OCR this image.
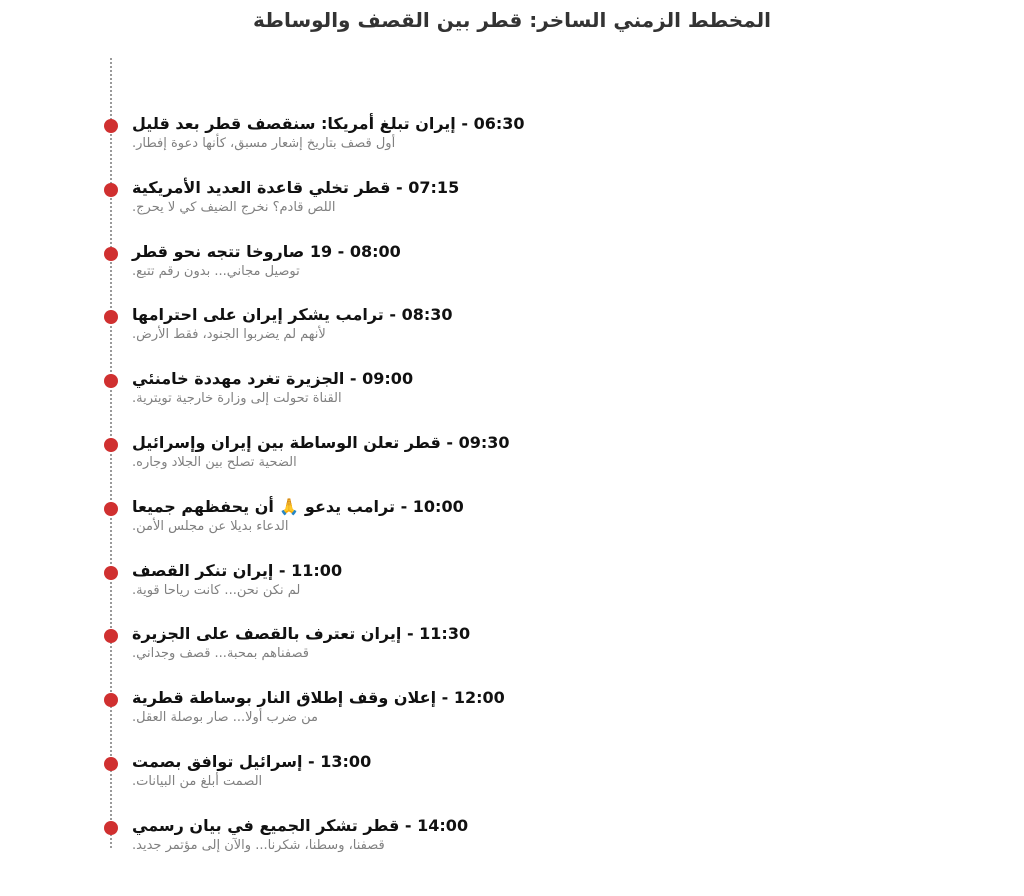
المخطط الزمني الساخر: قطر بين القصف والوساطة
06:30 - إيران تبلغ أمريكا: سنقصف قطر بعد قليل
أول قصف بتاريخ إشعار مسبق، كأنها دعوة إفطار.
07:15 - قطر تخلي قاعدة العديد الأمريكية
اللص قادم؟ نخرج الضيف كي لا يحرج.
08:00 - 19 صاروخا تتجه نحو قطر
توصيل مجاني... بدون رقم تتبع.
08:30 - ترامب يشكر إيران على احترامها
لأنهم لم يضربوا الجنود، فقط الأرض.
09:00 - الجزيرة تغرد مهددة خامنئي
القناة تحولت إلى وزارة خارجية تويترية.
09:30 - قطر تعلن الوساطة بين إيران وإسرائيل
الضحية تصلح بين الجلاد وجاره.
10:00 - ترامب يدعو 🙏 أن يحفظهم جميعا
الدعاء بديلا عن مجلس الأمن.
11:00 - إيران تنكر القصف
لم نكن نحن... كانت رياحا قوية.
11:30 - إيران تعترف بالقصف على الجزيرة
قصفناهم بمحبة... قصف وجداني.
12:00 - إعلان وقف إطلاق النار بوساطة قطرية
من ضرب أولا... صار بوصلة العقل.
13:00 - إسرائيل توافق بصمت
الصمت أبلغ من البيانات.
14:00 - قطر تشكر الجميع في بيان رسمي
قصفنا، وسطنا، شكرنا... والآن إلى مؤتمر جديد.
